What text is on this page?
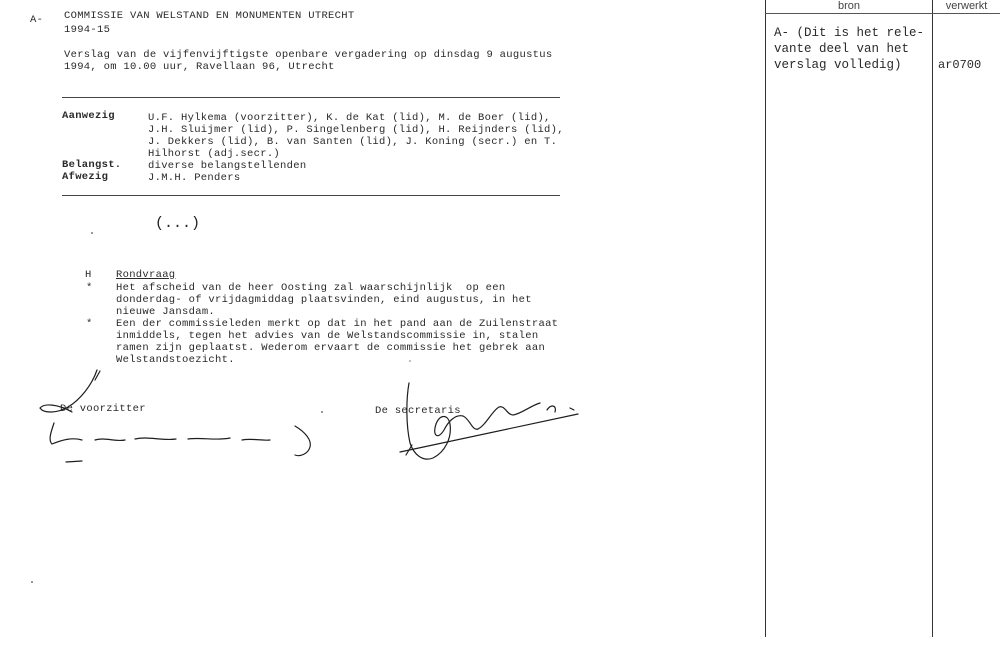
A- COMMISSIE VAN WELSTAND EN MONUMENTEN UTRECHT
1994-15
Verslag van de vijfenvijftigste openbare vergadering op dinsdag 9 augustus
1994, om 10.00 uur, Ravellaan 96, Utrecht
Aanwezig	U.F. Hylkema (voorzitter), K. de Kat (lid), M. de Boer (lid),
J.H. Sluijmer (lid), P. Singelenberg (lid), H. Reijnders (lid),
J. Dekkers (lid), B. van Santen (lid), J. Koning (secr.) en T.
Hilhorst (adj.secr.)
Belangst.	diverse belangstellenden
Afwezig	J.M.H. Penders
(...)
H Rondvraag
* Het afscheid van de heer Oosting zal waarschijnlijk  op een
donderdag- of vrijdagmiddag plaatsvinden, eind augustus, in het
nieuwe Jansdam.
* Een der commissieleden merkt op dat in het pand aan de Zuilenstraat
inmiddels, tegen het advies van de Welstandscommissie in, stalen
ramen zijn geplaatst. Wederom ervaart de commissie het gebrek aan
Welstandstoezicht.
De voorzitter	De secretaris
bron	verwerkt
A- (Dit is het rele-
vante deel van het
verslag volledig)	ar0700
